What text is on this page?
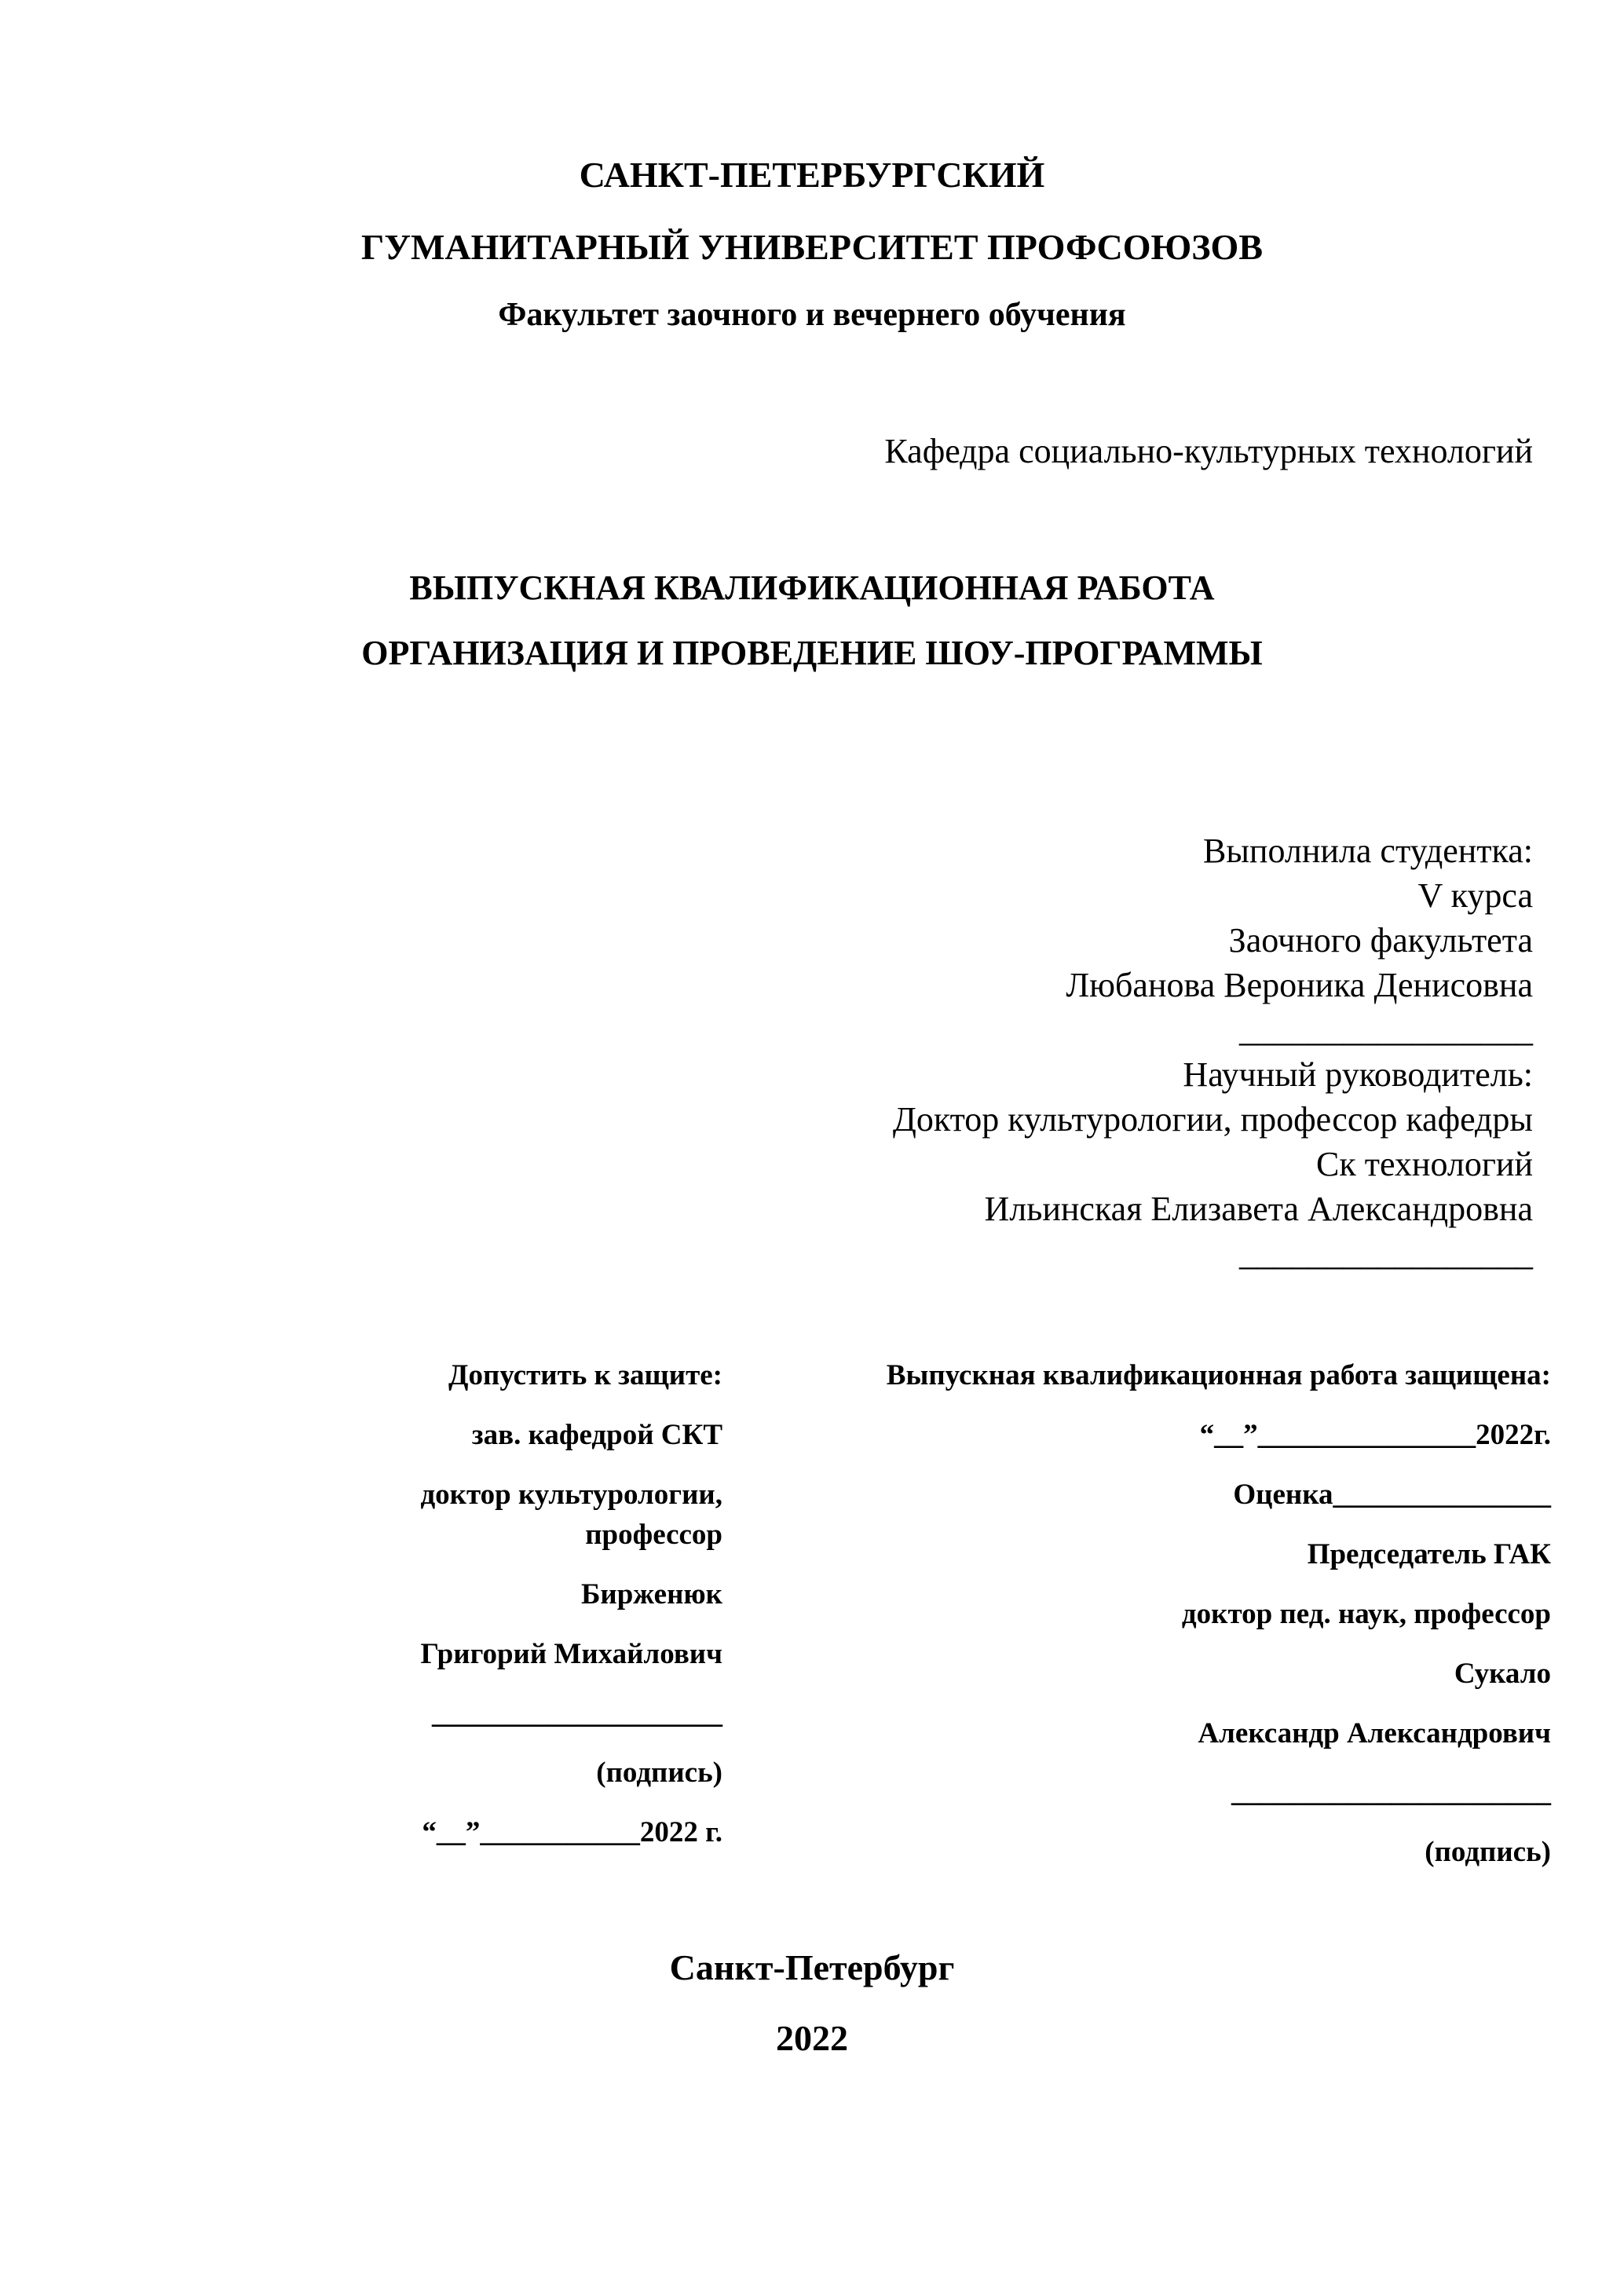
САНКТ-ПЕТЕРБУРГСКИЙ
ГУМАНИТАРНЫЙ УНИВЕРСИТЕТ ПРОФСОЮЗОВ
Факультет заочного и вечернего обучения
Кафедра социально-культурных технологий
ВЫПУСКНАЯ КВАЛИФИКАЦИОННАЯ РАБОТА
ОРГАНИЗАЦИЯ И ПРОВЕДЕНИЕ ШОУ-ПРОГРАММЫ
Выполнила студентка:
V курса
Заочного факультета
Любанова Вероника Денисовна
_________________
Научный руководитель:
Доктор культурологии, профессор кафедры
Ск технологий
Ильинская Елизавета Александровна
_________________
Допустить к защите:
зав. кафедрой СКТ
доктор культурологии,
профессор
Бирженюк
Григорий Михайлович
____________________
(подпись)
“__”___________2022 г.
Выпускная квалификационная работа защищена:
“__”_______________2022г.
Оценка_______________
Председатель ГАК
доктор пед. наук, профессор
Сукало
Александр Александрович
______________________
(подпись)
Санкт-Петербург
2022
